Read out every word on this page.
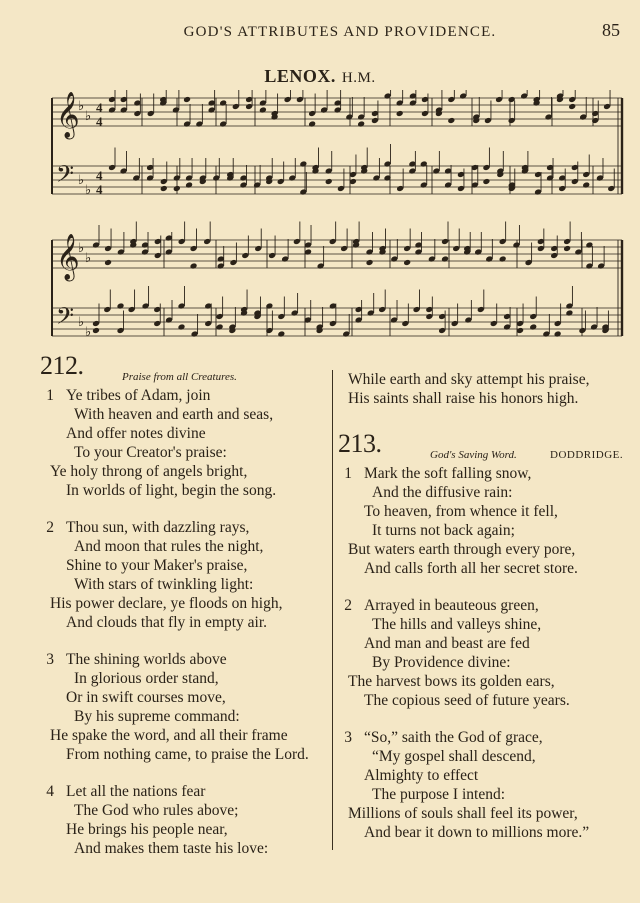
GOD'S ATTRIBUTES AND PROVIDENCE.	85
LENOX. H.M.
𝄞
♭
♭
4
4
𝄢 ♭
♭
4
4
𝄞
♭
♭
𝄢 ♭
♭
212.	Praise from all Creatures.
1 Ye tribes of Adam, join
With heaven and earth and seas,
And offer notes divine
To your Creator's praise:
Ye holy throng of angels bright,
In worlds of light, begin the song.
2 Thou sun, with dazzling rays,
And moon that rules the night,
Shine to your Maker's praise,
With stars of twinkling light:
His power declare, ye floods on high,
And clouds that fly in empty air.
3 The shining worlds above
In glorious order stand,
Or in swift courses move,
By his supreme command:
He spake the word, and all their frame
From nothing came, to praise the Lord.
4 Let all the nations fear
The God who rules above;
He brings his people near,
And makes them taste his love:
While earth and sky attempt his praise,
His saints shall raise his honors high.
213.	God's Saving Word.	DODDRIDGE.
1 Mark the soft falling snow,
And the diffusive rain:
To heaven, from whence it fell,
It turns not back again;
But waters earth through every pore,
And calls forth all her secret store.
2 Arrayed in beauteous green,
The hills and valleys shine,
And man and beast are fed
By Providence divine:
The harvest bows its golden ears,
The copious seed of future years.
3 “So,” saith the God of grace,
“My gospel shall descend,
Almighty to effect
The purpose I intend:
Millions of souls shall feel its power,
And bear it down to millions more.”
